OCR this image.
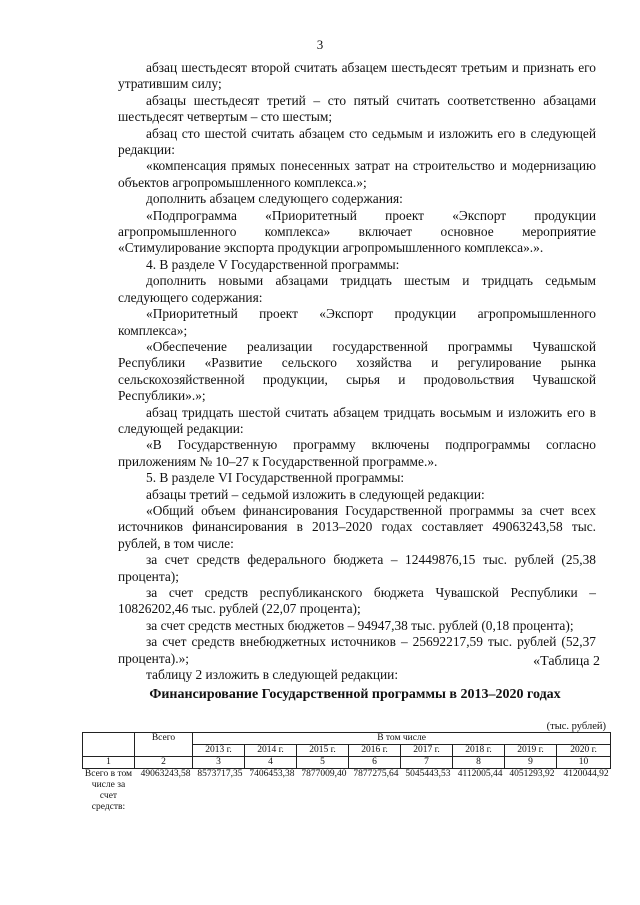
3

абзац шестьдесят второй считать абзацем шестьдесят третьим и признать его утратившим силу;

абзацы шестьдесят третий – сто пятый считать соответственно абзацами шестьдесят четвертым – сто шестым;

абзац сто шестой считать абзацем сто седьмым и изложить его в следующей редакции:

«компенсация прямых понесенных затрат на строительство и модернизацию объектов агропромышленного комплекса.»;

дополнить абзацем следующего содержания:

«Подпрограмма «Приоритетный проект «Экспорт продукции агропромышленного комплекса» включает основное мероприятие «Стимулирование экспорта продукции агропромышленного комплекса».».

4. В разделе V Государственной программы:

дополнить новыми абзацами тридцать шестым и тридцать седьмым следующего содержания:

«Приоритетный проект «Экспорт продукции агропромышленного комплекса»;

«Обеспечение реализации государственной программы Чувашской Республики «Развитие сельского хозяйства и регулирование рынка сельскохозяйственной продукции, сырья и продовольствия Чувашской Республики».»;

абзац тридцать шестой считать абзацем тридцать восьмым и изложить его в следующей редакции:

«В Государственную программу включены подпрограммы согласно приложениям № 10–27 к Государственной программе.».

5. В разделе VI Государственной программы:

абзацы третий – седьмой изложить в следующей редакции:

«Общий объем финансирования Государственной программы за счет всех источников финансирования в 2013–2020 годах составляет 49063243,58 тыс. рублей, в том числе:

за счет средств федерального бюджета – 12449876,15 тыс. рублей (25,38 процента);

за счет средств республиканского бюджета Чувашской Республики – 10826202,46 тыс. рублей (22,07 процента);

за счет средств местных бюджетов – 94947,38 тыс. рублей (0,18 процента);

за счет средств внебюджетных источников – 25692217,59 тыс. рублей (52,37 процента).»;

таблицу 2 изложить в следующей редакции:

«Таблица 2
Финансирование Государственной программы в 2013–2020 годах
(тыс. рублей)
	Всего	В том числе							
		2013 г.	2014 г.	2015 г.	2016 г.	2017 г.	2018 г.	2019 г.	2020 г.
1	2	3	4	5	6	7	8	9	10
Всего в том числе за счет средств:	49063243,58	8573717,35	7406453,38	7877009,40	7877275,64	5045443,53	4112005,44	4051293,92	4120044,92
